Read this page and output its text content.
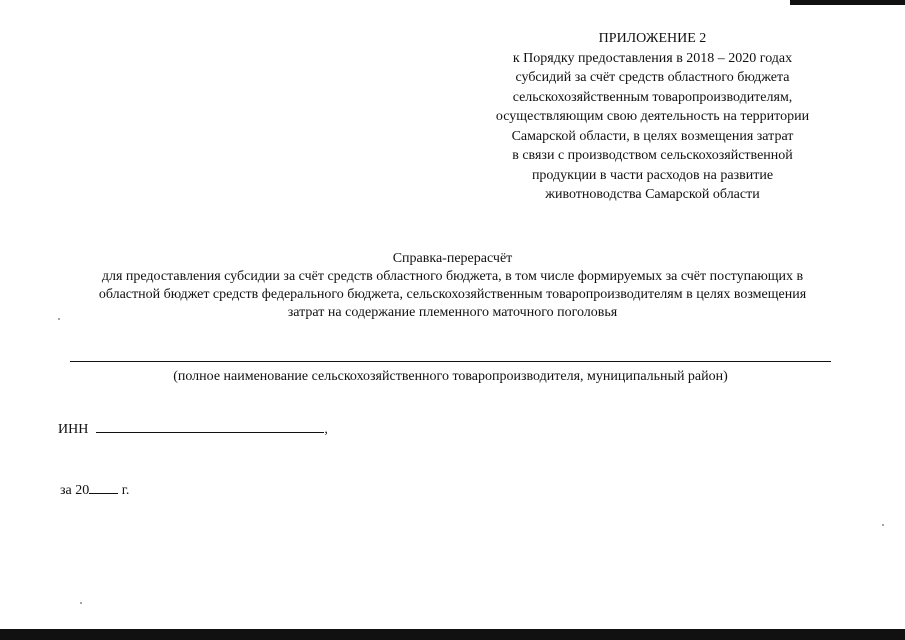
ПРИЛОЖЕНИЕ 2
к Порядку предоставления в 2018 – 2020 годах
субсидий за счёт средств областного бюджета
сельскохозяйственным товаропроизводителям,
осуществляющим свою деятельность на территории
Самарской области, в целях возмещения затрат
в связи с производством сельскохозяйственной
продукции в части расходов на развитие
животноводства Самарской области
Справка-перерасчёт
для предоставления субсидии за счёт средств областного бюджета, в том числе формируемых за счёт поступающих в
областной бюджет средств федерального бюджета, сельскохозяйственным товаропроизводителям в целях возмещения
затрат на содержание племенного маточного поголовья
(полное наименование сельскохозяйственного товаропроизводителя, муниципальный район)
ИНН	,
за 20 г.
